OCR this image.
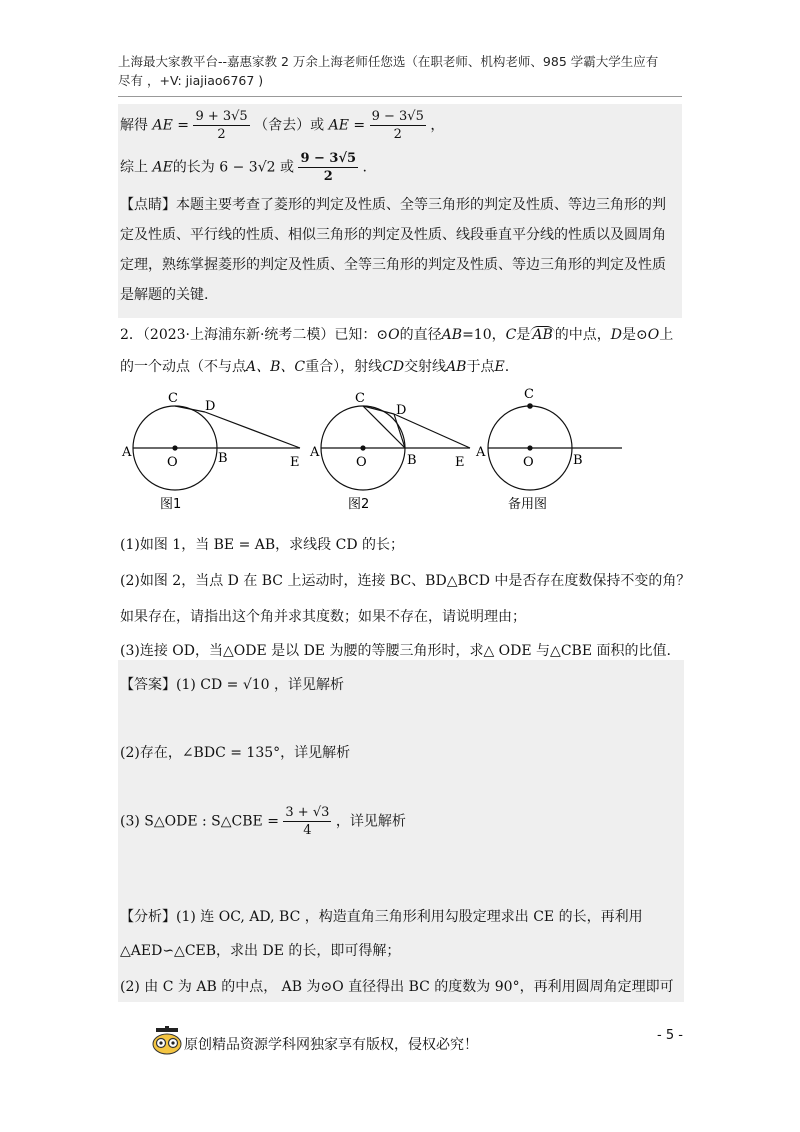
上海最大家教平台--嘉惠家教 2 万余上海老师任您选（在职老师、机构老师、985 学霸大学生应有
尽有 ，+V: jiajiao6767 )
解得 AE = $\frac{9 + 3√5}{2}$ （舍去）或 AE = $\frac{9 - 3√5}{2}$ ，
综上 AE的长为 6 − 3√2 或 $\frac{9 - 3√5}{2}$ .
【点睛】本题主要考查了菱形的判定及性质、全等三角形的判定及性质、等边三角形的判
定及性质、平行线的性质、相似三角形的判定及性质、线段垂直平分线的性质以及圆周角
定理，熟练掌握菱形的判定及性质、全等三角形的判定及性质、等边三角形的判定及性质
是解题的关键.
2．（2023·上海浦东新·统考二模）已知：⊙O的直径AB=10，C是 AB 的中点，D是⊙O上
的一个动点（不与点A、B、C重合），射线CD交射线AB于点E.
A
O	B	E
C
D
图1
A
O	B	E
C
D
图2
A
O	B
C
备用图
(1)如图 1，当 BE = AB，求线段 CD 的长；
(2)如图 2，当点 D 在 BC 上运动时，连接 BC、BD△BCD 中是否存在度数保持不变的角？
如果存在，请指出这个角并求其度数；如果不存在，请说明理由；
(3)连接 OD，当△ODE 是以 DE 为腰的等腰三角形时，求△ ODE 与△CBE 面积的比值.
【答案】(1) CD = √10 ，详见解析
(2)存在，∠BDC = 135°，详见解析
(3) S△ODE : S△CBE = $\frac{3 + √3}{4}$ ，详见解析
【分析】(1) 连 OC, AD, BC ，构造直角三角形利用勾股定理求出 CE 的长，再利用
△AED∽△CEB，求出 DE 的长，即可得解；
(2) 由 C 为 AB 的中点， AB 为⊙O 直径得出 BC 的度数为 90°，再利用圆周角定理即可
原创精品资源学科网独家享有版权，侵权必究！
- 5 -
